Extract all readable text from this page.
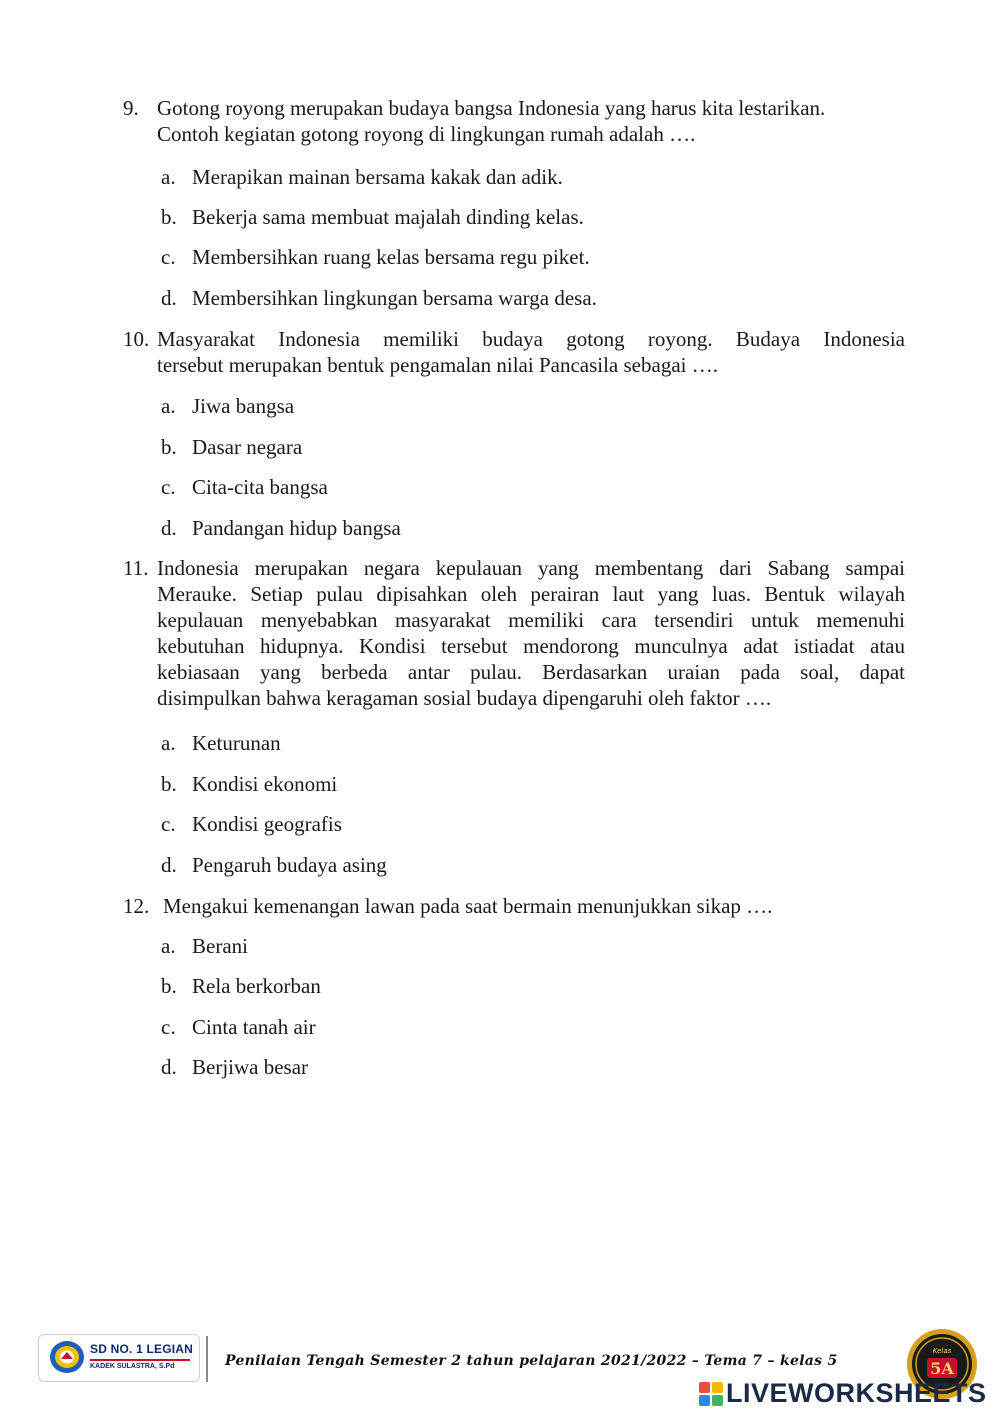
9. Gotong royong merupakan budaya bangsa Indonesia yang harus kita lestarikan.
Contoh kegiatan gotong royong di lingkungan rumah adalah ….
a. Merapikan mainan bersama kakak dan adik.
b. Bekerja sama membuat majalah dinding kelas.
c. Membersihkan ruang kelas bersama regu piket.
d. Membersihkan lingkungan bersama warga desa.
10. Masyarakat Indonesia memiliki budaya gotong royong. Budaya Indonesia
tersebut merupakan bentuk pengamalan nilai Pancasila sebagai ….
a. Jiwa bangsa
b. Dasar negara
c. Cita-cita bangsa
d. Pandangan hidup bangsa
11. Indonesia merupakan negara kepulauan yang membentang dari Sabang sampai
Merauke. Setiap pulau dipisahkan oleh perairan laut yang luas. Bentuk wilayah
kepulauan menyebabkan masyarakat memiliki cara tersendiri untuk memenuhi
kebutuhan hidupnya. Kondisi tersebut mendorong munculnya adat istiadat atau
kebiasaan yang berbeda antar pulau. Berdasarkan uraian pada soal, dapat
disimpulkan bahwa keragaman sosial budaya dipengaruhi oleh faktor ….
a. Keturunan
b. Kondisi ekonomi
c. Kondisi geografis
d. Pengaruh budaya asing
12. Mengakui kemenangan lawan pada saat bermain menunjukkan sikap ….
a. Berani
b. Rela berkorban
c. Cinta tanah air
d. Berjiwa besar
SD NO. 1 LEGIAN
KADEK SULASTRA, S.Pd	Penilaian Tengah Semester 2 tahun pelajaran 2021/2022 – Tema 7 – kelas 5
Kelas
5A
LIVEWORKSHEETS
